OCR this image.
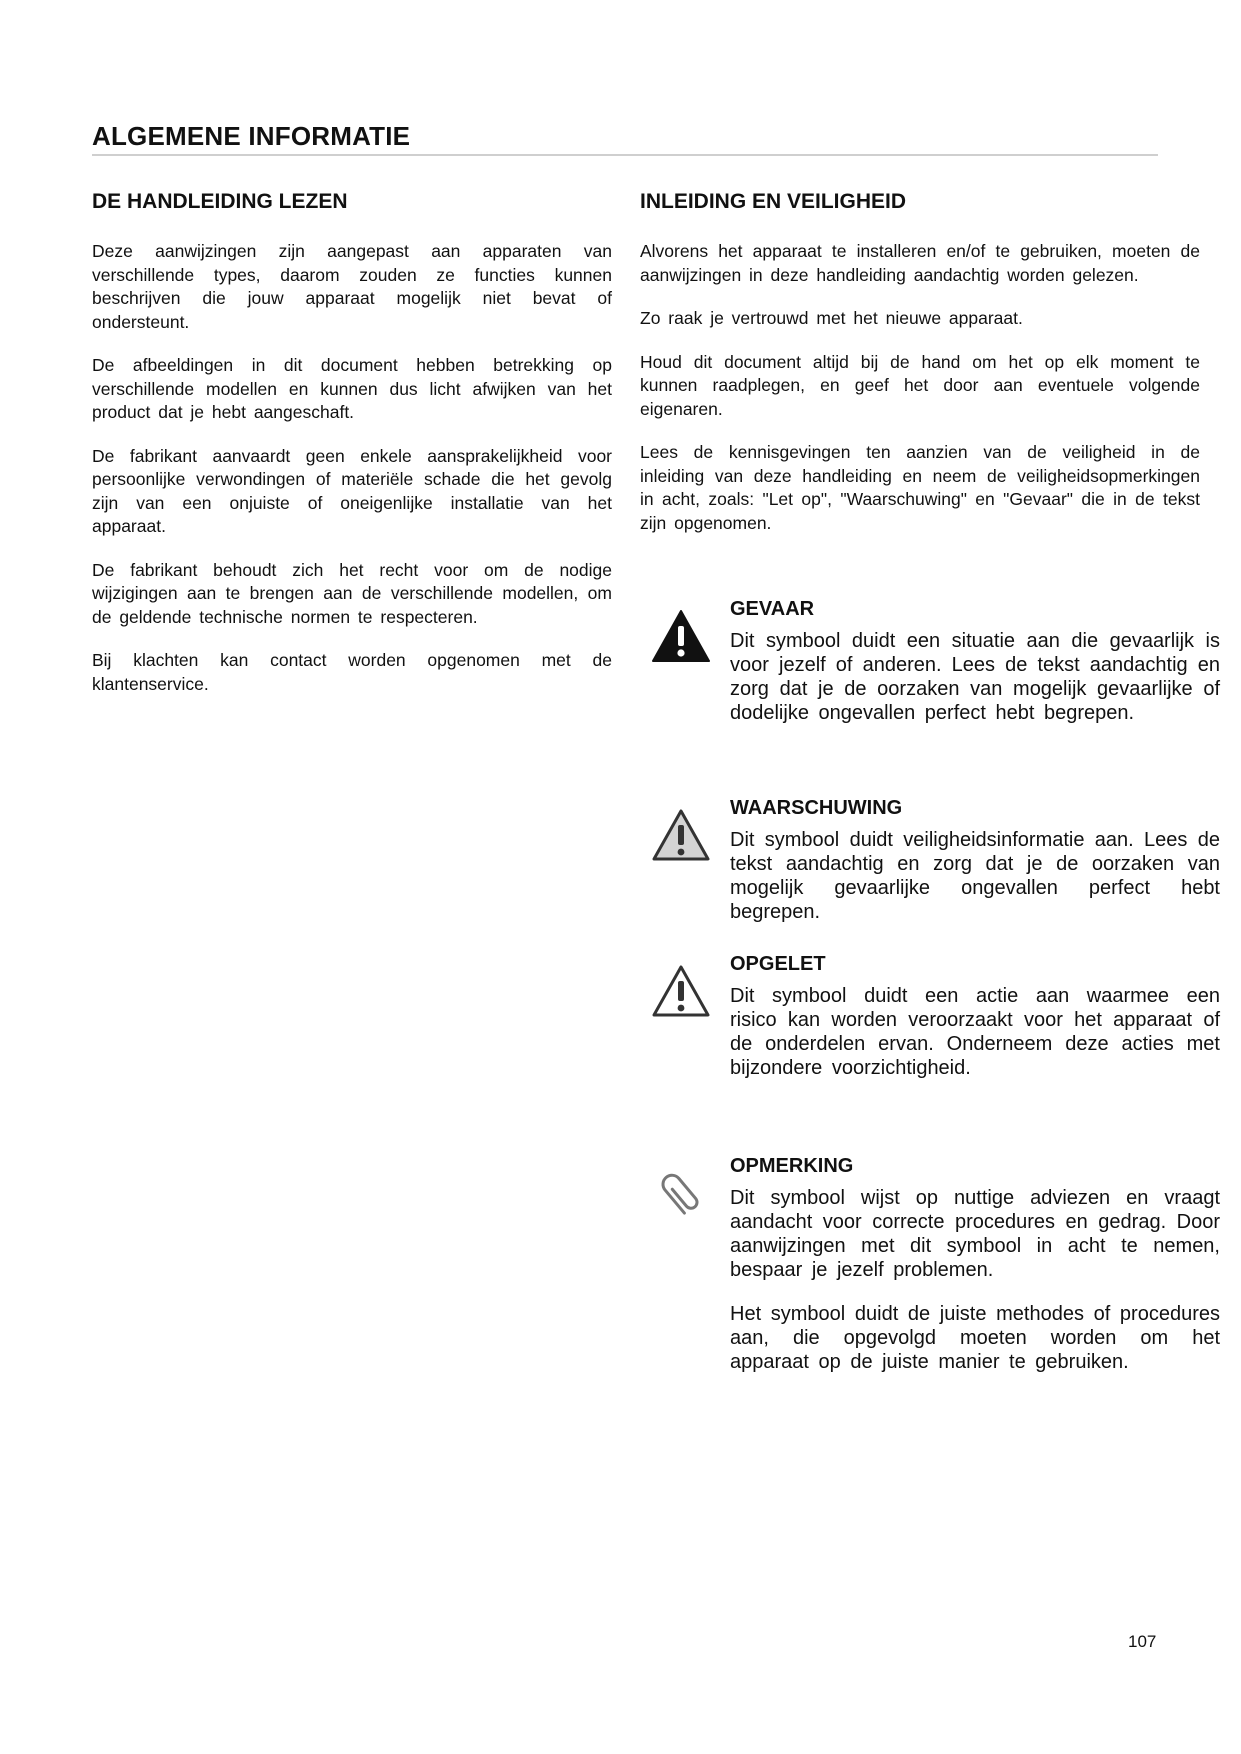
ALGEMENE INFORMATIE
DE HANDLEIDING LEZEN

Deze aanwijzingen zijn aangepast aan apparaten van verschillende types, daarom zouden ze functies kunnen beschrijven die jouw apparaat mogelijk niet bevat of ondersteunt.

De afbeeldingen in dit document hebben betrekking op verschillende modellen en kunnen dus licht afwijken van het product dat je hebt aangeschaft.

De fabrikant aanvaardt geen enkele aansprakelijkheid voor persoonlijke verwondingen of materiële schade die het gevolg zijn van een onjuiste of oneigenlijke installatie van het apparaat.

De fabrikant behoudt zich het recht voor om de nodige wijzigingen aan te brengen aan de verschillende modellen, om de geldende technische normen te respecteren.

Bij klachten kan contact worden opgenomen met de klantenservice.

INLEIDING EN VEILIGHEID

Alvorens het apparaat te installeren en/of te gebruiken, moeten de aanwijzingen in deze handleiding aandachtig worden gelezen.

Zo raak je vertrouwd met het nieuwe apparaat.

Houd dit document altijd bij de hand om het op elk moment te kunnen raadplegen, en geef het door aan eventuele volgende eigenaren.

Lees de kennisgevingen ten aanzien van de veiligheid in de inleiding van deze handleiding en neem de veiligheidsopmerkingen in acht, zoals: "Let op", "Waarschuwing" en "Gevaar" die in de tekst zijn opgenomen.

GEVAAR

Dit symbool duidt een situatie aan die gevaarlijk is voor jezelf of anderen. Lees de tekst aandachtig en zorg dat je de oorzaken van mogelijk gevaarlijke of dodelijke ongevallen perfect hebt begrepen.

WAARSCHUWING

Dit symbool duidt veiligheidsinformatie aan. Lees de tekst aandachtig en zorg dat je de oorzaken van mogelijk gevaarlijke ongevallen perfect hebt begrepen.

OPGELET

Dit symbool duidt een actie aan waarmee een risico kan worden veroorzaakt voor het apparaat of de onderdelen ervan. Onderneem deze acties met bijzondere voorzichtigheid.

OPMERKING

Dit symbool wijst op nuttige adviezen en vraagt aandacht voor correcte procedures en gedrag. Door aanwijzingen met dit symbool in acht te nemen, bespaar je jezelf problemen.

Het symbool duidt de juiste methodes of procedures aan, die opgevolgd moeten worden om het apparaat op de juiste manier te gebruiken.

107
